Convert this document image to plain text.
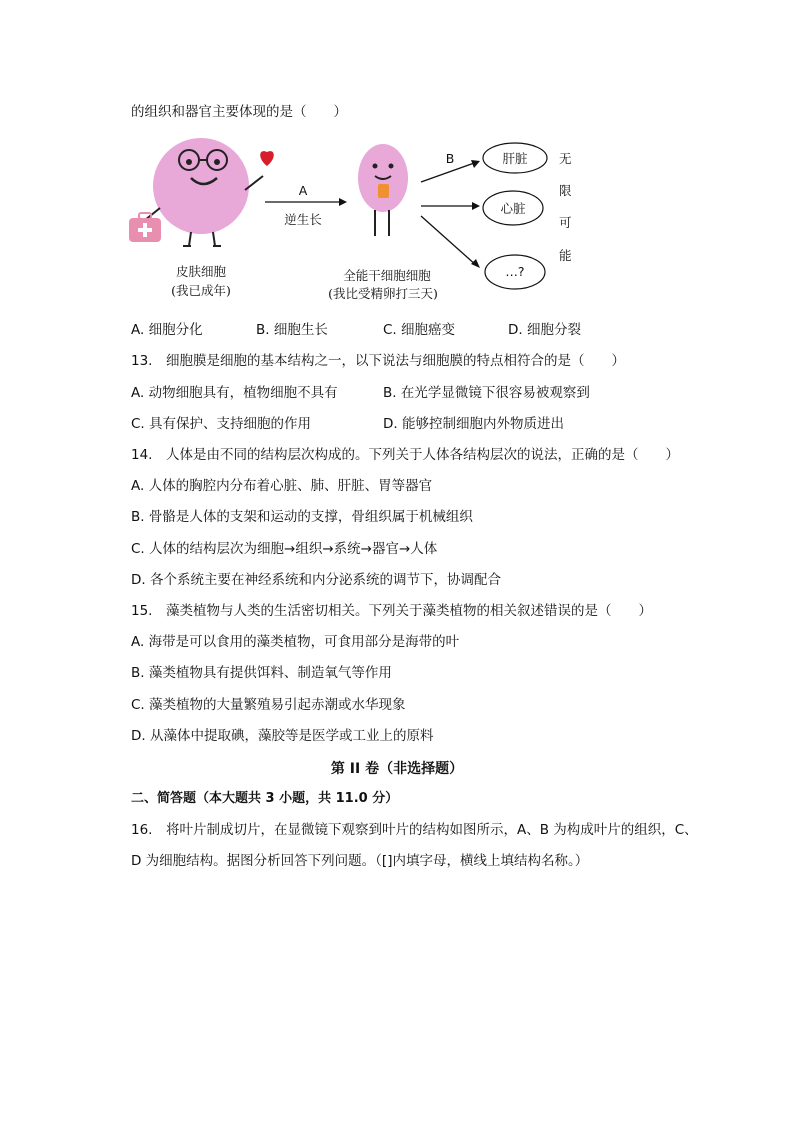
的组织和器官主要体现的是（　　）
皮肤细胞
(我已成年)
A
逆生长
全能干细胞细胞
(我比受精卵打三天)
B	肝脏
心脏
…?
无
限
可
能
A. 细胞分化	B. 细胞生长	C. 细胞癌变	D. 细胞分裂
13.　细胞膜是细胞的基本结构之一，以下说法与细胞膜的特点相符合的是（　　）
A. 动物细胞具有，植物细胞不具有	B. 在光学显微镜下很容易被观察到
C. 具有保护、支持细胞的作用	D. 能够控制细胞内外物质进出
14.　人体是由不同的结构层次构成的。下列关于人体各结构层次的说法，正确的是（　　）
A. 人体的胸腔内分布着心脏、肺、肝脏、胃等器官
B. 骨骼是人体的支架和运动的支撑，骨组织属于机械组织
C. 人体的结构层次为细胞→组织→系统→器官→人体
D. 各个系统主要在神经系统和内分泌系统的调节下，协调配合
15.　藻类植物与人类的生活密切相关。下列关于藻类植物的相关叙述错误的是（　　）
A. 海带是可以食用的藻类植物，可食用部分是海带的叶
B. 藻类植物具有提供饵料、制造氧气等作用
C. 藻类植物的大量繁殖易引起赤潮或水华现象
D. 从藻体中提取碘，藻胶等是医学或工业上的原料
第 II 卷（非选择题）
二、简答题（本大题共 3 小题，共 11.0 分）
16.　将叶片制成切片，在显微镜下观察到叶片的结构如图所示，A、B 为构成叶片的组织，C、
D 为细胞结构。据图分析回答下列问题。（[]内填字母，横线上填结构名称。）
